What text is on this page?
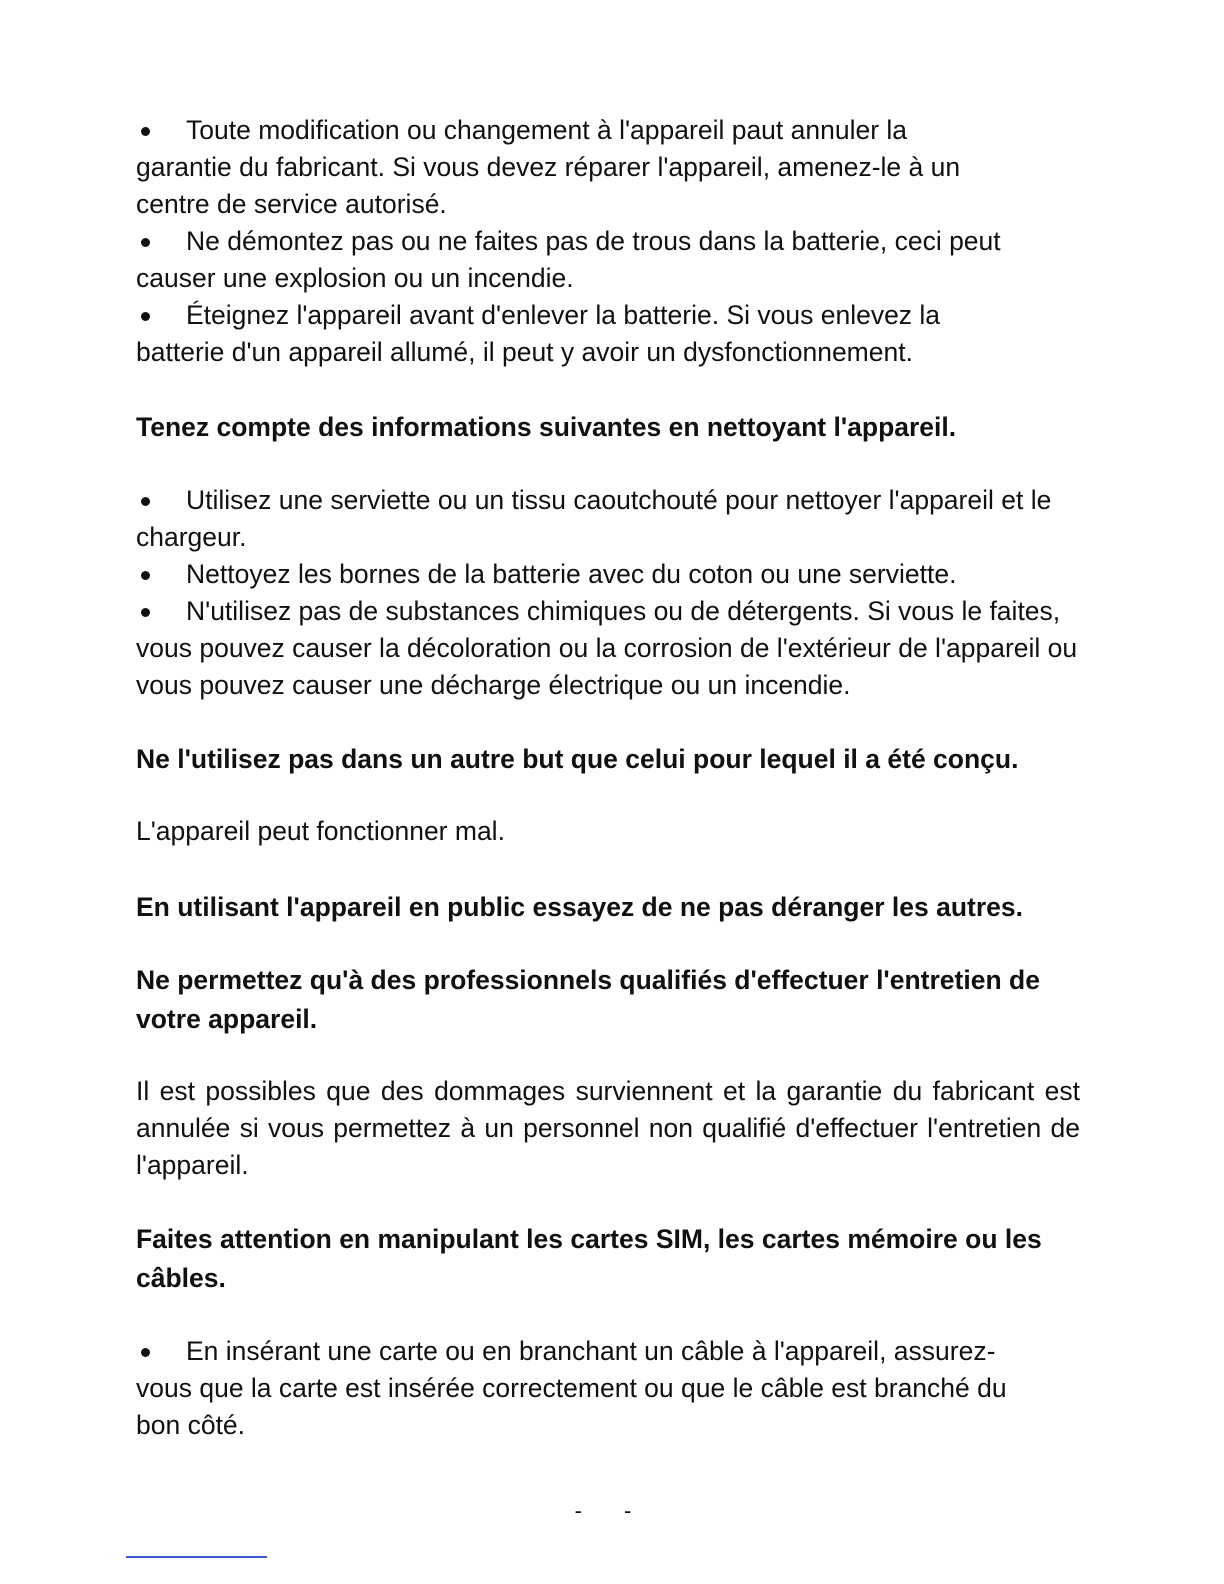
Toute modification ou changement à l'appareil paut annuler la garantie du fabricant. Si vous devez réparer l'appareil, amenez-le à un centre de service autorisé.

Ne démontez pas ou ne faites pas de trous dans la batterie, ceci peut causer une explosion ou un incendie.

Éteignez l'appareil avant d'enlever la batterie. Si vous enlevez la batterie d'un appareil allumé, il peut y avoir un dysfonctionnement.

Tenez compte des informations suivantes en nettoyant l'appareil.

Utilisez une serviette ou un tissu caoutchouté pour nettoyer l'appareil et le chargeur.

Nettoyez les bornes de la batterie avec du coton ou une serviette.

N'utilisez pas de substances chimiques ou de détergents. Si vous le faites, vous pouvez causer la décoloration ou la corrosion de l'extérieur de l'appareil ou vous pouvez causer une décharge électrique ou un incendie.

Ne l'utilisez pas dans un autre but que celui pour lequel il a été conçu.

L'appareil peut fonctionner mal.

En utilisant l'appareil en public essayez de ne pas déranger les autres.

Ne permettez qu'à des professionnels qualifiés d'effectuer l'entretien de votre appareil.

Il est possibles que des dommages surviennent et la garantie du fabricant est annulée si vous permettez à un personnel non qualifié d'effectuer l'entretien de l'appareil.

Faites attention en manipulant les cartes SIM, les cartes mémoire ou les câbles.

En insérant une carte ou en branchant un câble à l'appareil, assurez-vous que la carte est insérée correctement ou que le câble est branché du bon côté.

- -
